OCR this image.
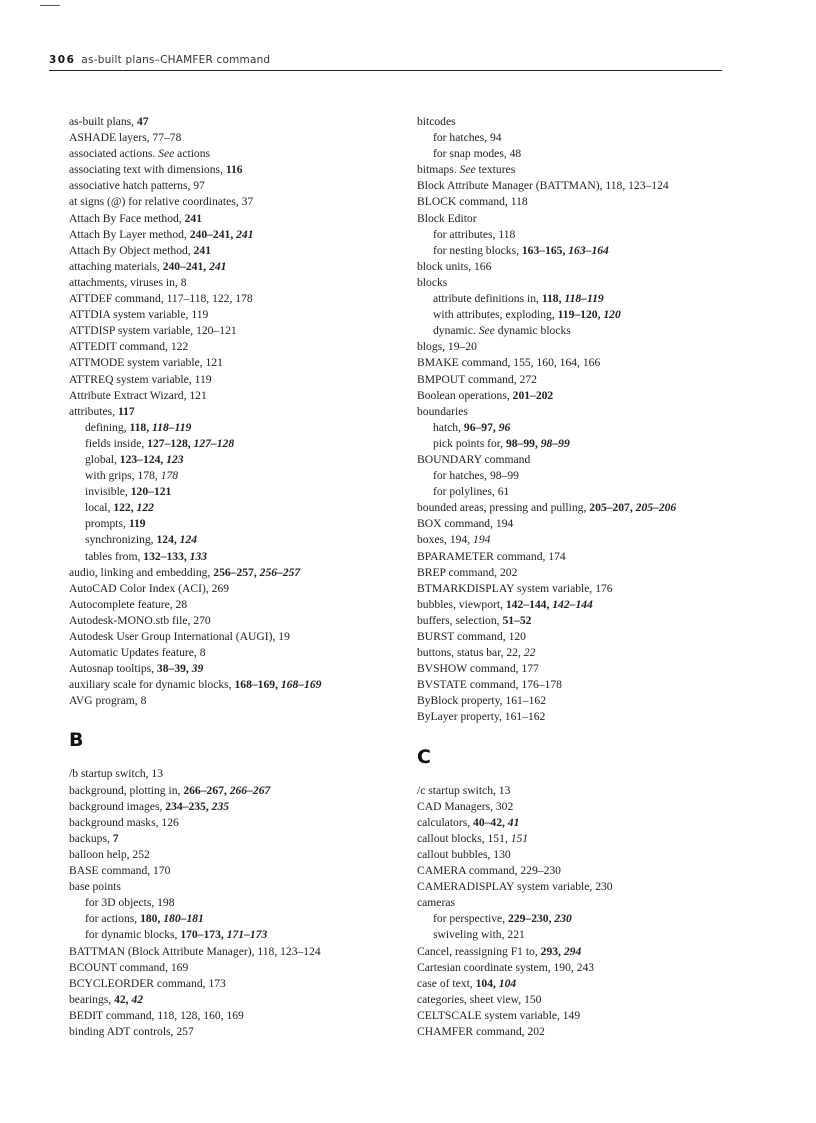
306 as-built plans–CHAMFER command
as-built plans, 47
ASHADE layers, 77–78
associated actions. See actions
associating text with dimensions, 116
associative hatch patterns, 97
at signs (@) for relative coordinates, 37
Attach By Face method, 241
Attach By Layer method, 240–241, 241
Attach By Object method, 241
attaching materials, 240–241, 241
attachments, viruses in, 8
ATTDEF command, 117–118, 122, 178
ATTDIA system variable, 119
ATTDISP system variable, 120–121
ATTEDIT command, 122
ATTMODE system variable, 121
ATTREQ system variable, 119
Attribute Extract Wizard, 121
attributes, 117
defining, 118, 118–119
fields inside, 127–128, 127–128
global, 123–124, 123
with grips, 178, 178
invisible, 120–121
local, 122, 122
prompts, 119
synchronizing, 124, 124
tables from, 132–133, 133
audio, linking and embedding, 256–257, 256–257
AutoCAD Color Index (ACI), 269
Autocomplete feature, 28
Autodesk-MONO.stb file, 270
Autodesk User Group International (AUGI), 19
Automatic Updates feature, 8
Autosnap tooltips, 38–39, 39
auxiliary scale for dynamic blocks, 168–169, 168–169
AVG program, 8
B
/b startup switch, 13
background, plotting in, 266–267, 266–267
background images, 234–235, 235
background masks, 126
backups, 7
balloon help, 252
BASE command, 170
base points
for 3D objects, 198
for actions, 180, 180–181
for dynamic blocks, 170–173, 171–173
BATTMAN (Block Attribute Manager), 118, 123–124
BCOUNT command, 169
BCYCLEORDER command, 173
bearings, 42, 42
BEDIT command, 118, 128, 160, 169
binding ADT controls, 257
bitcodes
for hatches, 94
for snap modes, 48
bitmaps. See textures
Block Attribute Manager (BATTMAN), 118, 123–124
BLOCK command, 118
Block Editor
for attributes, 118
for nesting blocks, 163–165, 163–164
block units, 166
blocks
attribute definitions in, 118, 118–119
with attributes, exploding, 119–120, 120
dynamic. See dynamic blocks
blogs, 19–20
BMAKE command, 155, 160, 164, 166
BMPOUT command, 272
Boolean operations, 201–202
boundaries
hatch, 96–97, 96
pick points for, 98–99, 98–99
BOUNDARY command
for hatches, 98–99
for polylines, 61
bounded areas, pressing and pulling, 205–207, 205–206
BOX command, 194
boxes, 194, 194
BPARAMETER command, 174
BREP command, 202
BTMARKDISPLAY system variable, 176
bubbles, viewport, 142–144, 142–144
buffers, selection, 51–52
BURST command, 120
buttons, status bar, 22, 22
BVSHOW command, 177
BVSTATE command, 176–178
ByBlock property, 161–162
ByLayer property, 161–162
C
/c startup switch, 13
CAD Managers, 302
calculators, 40–42, 41
callout blocks, 151, 151
callout bubbles, 130
CAMERA command, 229–230
CAMERADISPLAY system variable, 230
cameras
for perspective, 229–230, 230
swiveling with, 221
Cancel, reassigning F1 to, 293, 294
Cartesian coordinate system, 190, 243
case of text, 104, 104
categories, sheet view, 150
CELTSCALE system variable, 149
CHAMFER command, 202
